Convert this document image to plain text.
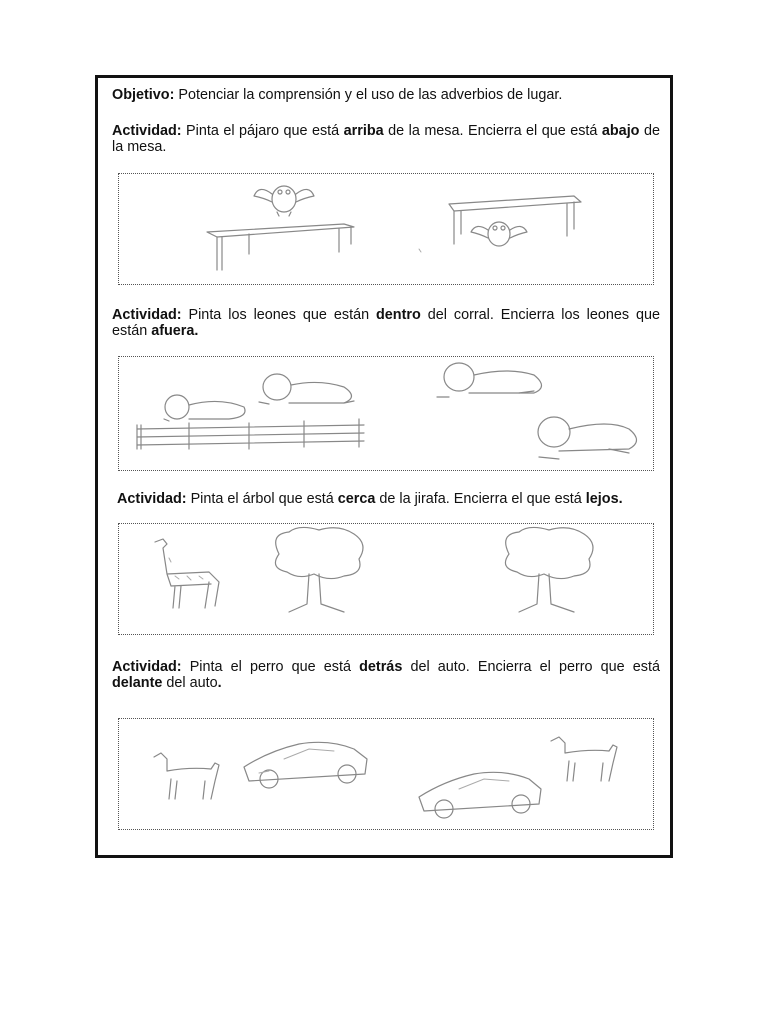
Objetivo: Potenciar la comprensión y el uso de las adverbios de lugar.
Actividad: Pinta el pájaro que está arriba de la mesa. Encierra el que está abajo de la mesa.
Actividad: Pinta los leones que están dentro del corral. Encierra los leones que están afuera.
Actividad: Pinta el árbol que está cerca de la jirafa. Encierra el que está lejos.
Actividad: Pinta el perro que está detrás del auto. Encierra el perro que está delante del auto.
